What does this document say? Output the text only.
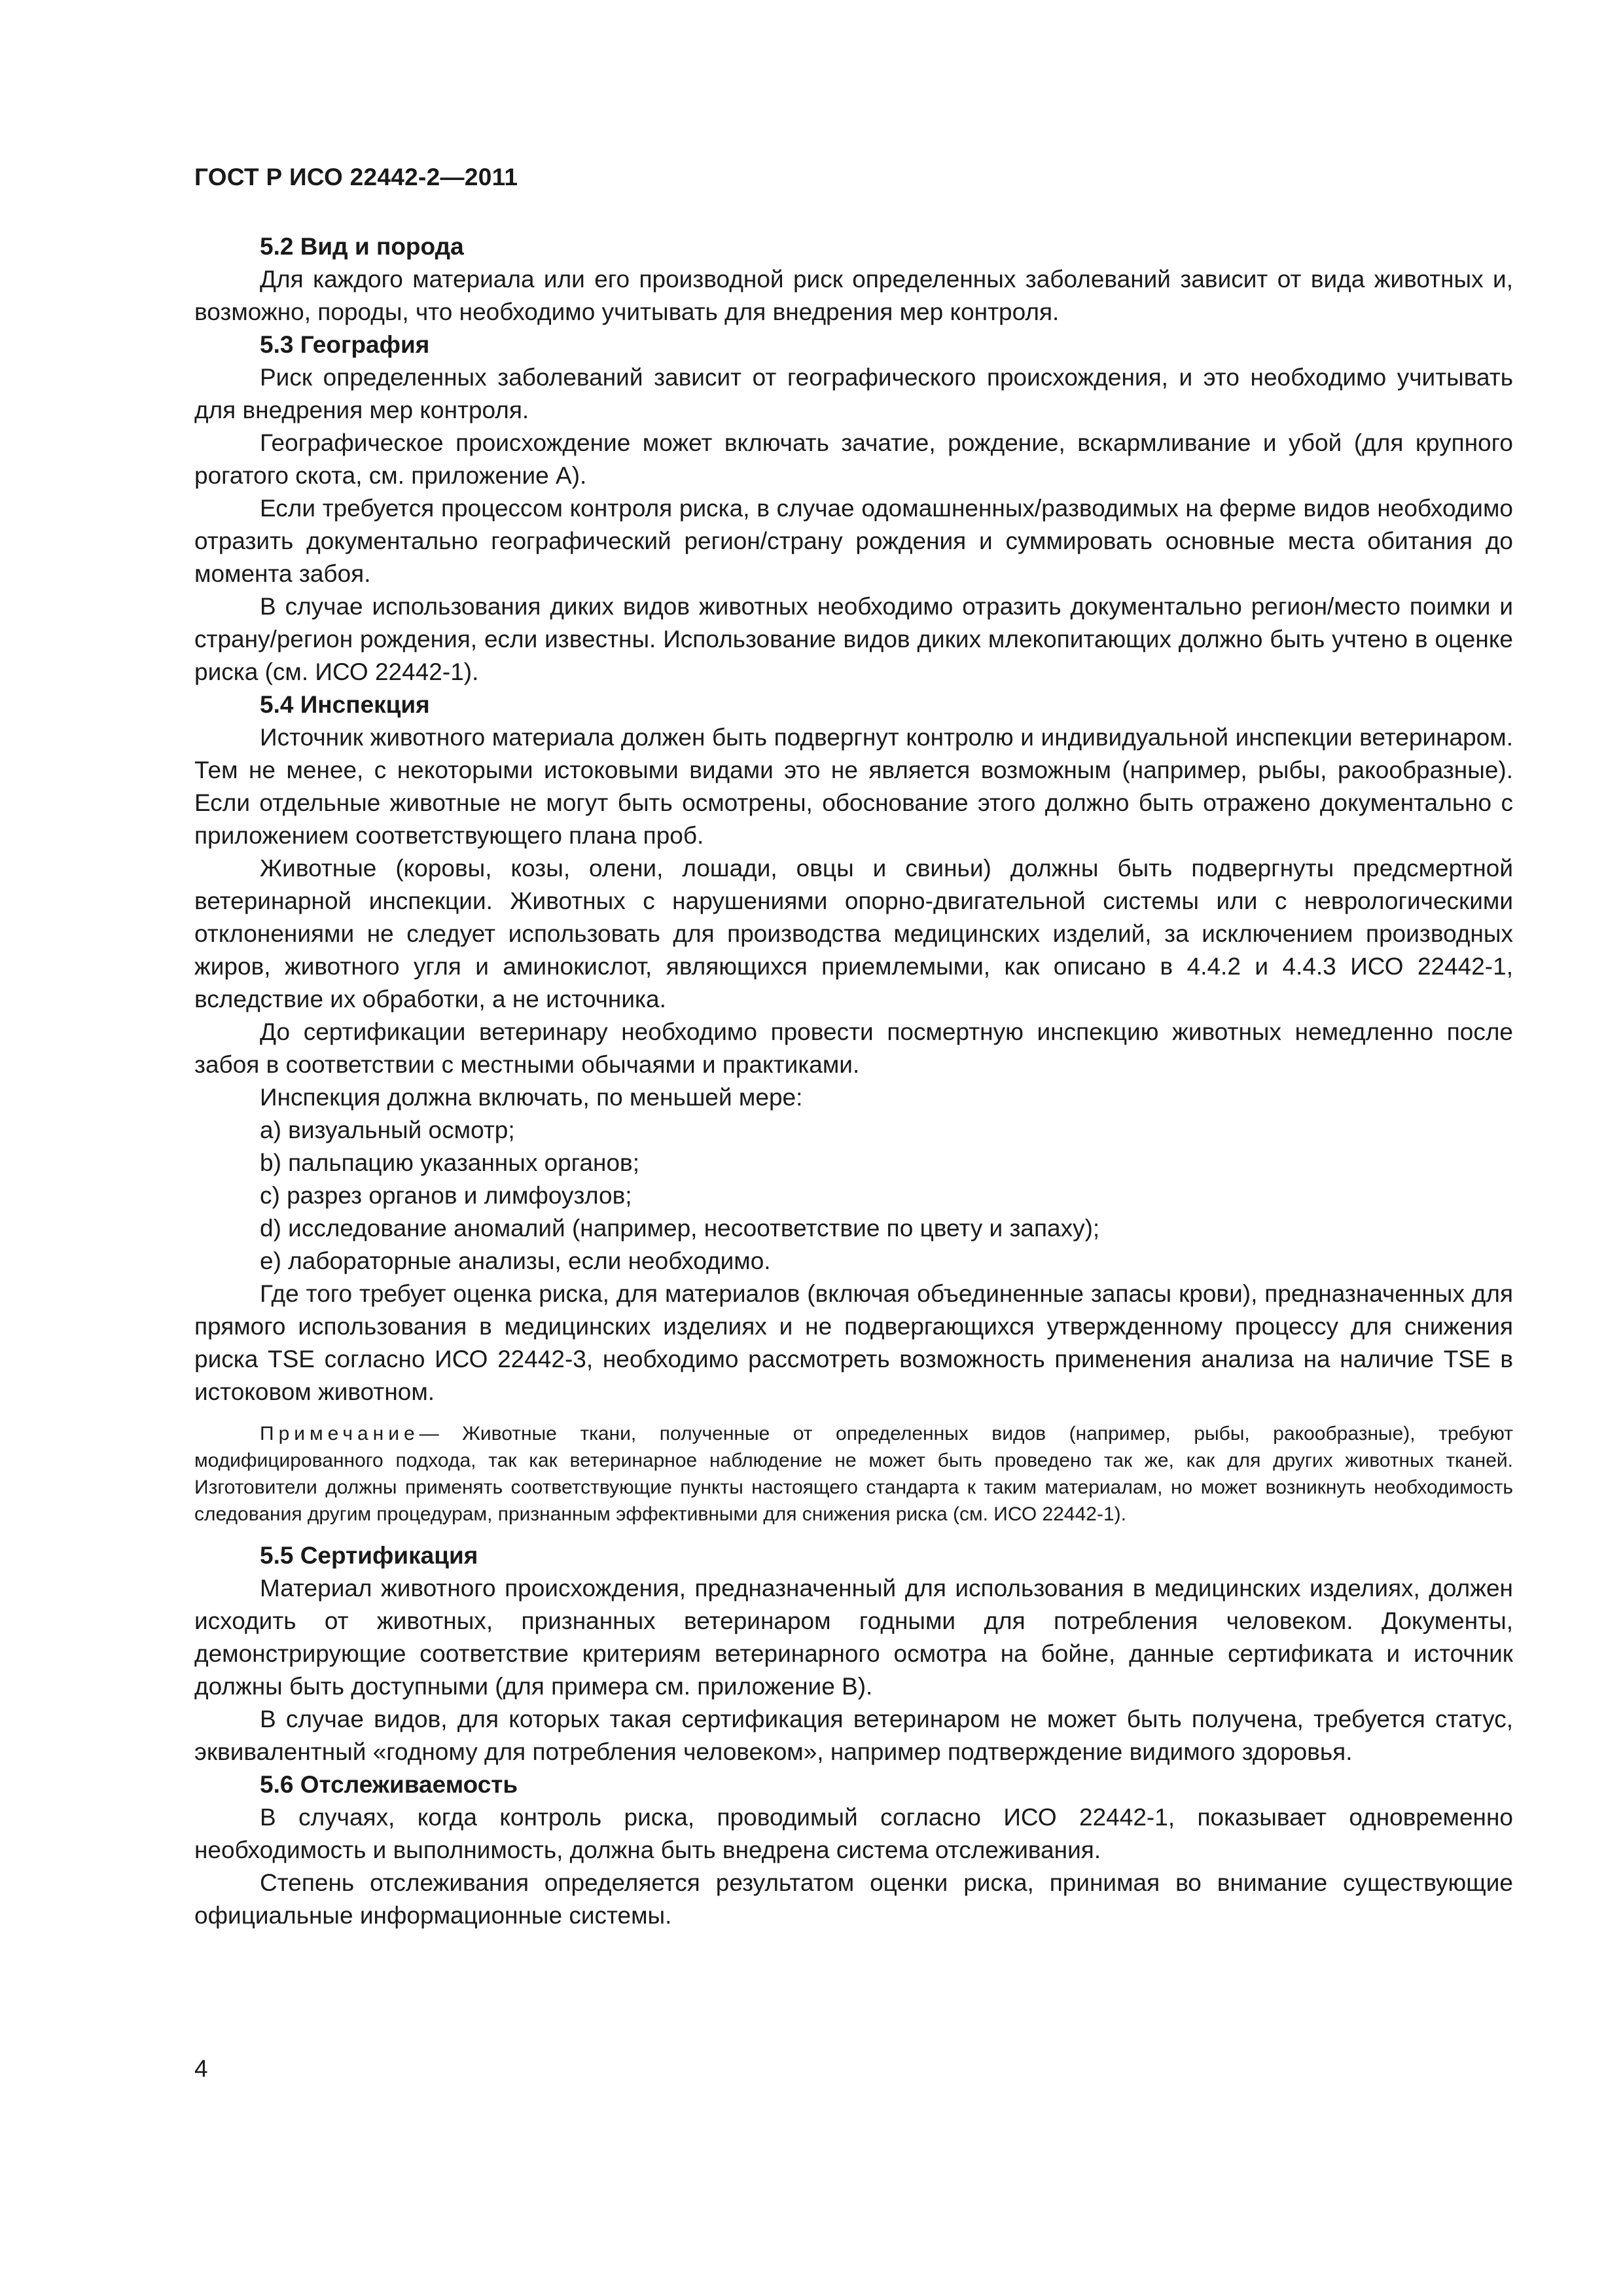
ГОСТ Р ИСО 22442-2—2011
5.2 Вид и порода

Для каждого материала или его производной риск определенных заболеваний зависит от вида животных и, возможно, породы, что необходимо учитывать для внедрения мер контроля.

5.3 География

Риск определенных заболеваний зависит от географического происхождения, и это необходимо учитывать для внедрения мер контроля.

Географическое происхождение может включать зачатие, рождение, вскармливание и убой (для крупного рогатого скота, см. приложение А).

Если требуется процессом контроля риска, в случае одомашненных/разводимых на ферме видов необходимо отразить документально географический регион/страну рождения и суммировать основные места обитания до момента забоя.

В случае использования диких видов животных необходимо отразить документально регион/место поимки и страну/регион рождения, если известны. Использование видов диких млекопитающих должно быть учтено в оценке риска (см. ИСО 22442-1).

5.4 Инспекция

Источник животного материала должен быть подвергнут контролю и индивидуальной инспекции ветеринаром. Тем не менее, с некоторыми истоковыми видами это не является возможным (например, рыбы, ракообразные). Если отдельные животные не могут быть осмотрены, обоснование этого должно быть отражено документально с приложением соответствующего плана проб.

Животные (коровы, козы, олени, лошади, овцы и свиньи) должны быть подвергнуты предсмертной ветеринарной инспекции. Животных с нарушениями опорно-двигательной системы или с неврологическими отклонениями не следует использовать для производства медицинских изделий, за исключением производных жиров, животного угля и аминокислот, являющихся приемлемыми, как описано в 4.4.2 и 4.4.3 ИСО 22442-1, вследствие их обработки, а не источника.

До сертификации ветеринару необходимо провести посмертную инспекцию животных немедленно после забоя в соответствии с местными обычаями и практиками.

Инспекция должна включать, по меньшей мере:

a) визуальный осмотр;

b) пальпацию указанных органов;

c) разрез органов и лимфоузлов;

d) исследование аномалий (например, несоответствие по цвету и запаху);

e) лабораторные анализы, если необходимо.

Где того требует оценка риска, для материалов (включая объединенные запасы крови), предназначенных для прямого использования в медицинских изделиях и не подвергающихся утвержденному процессу для снижения риска TSE согласно ИСО 22442-3, необходимо рассмотреть возможность применения анализа на наличие TSE в истоковом животном.

Примечание— Животные ткани, полученные от определенных видов (например, рыбы, ракообразные), требуют модифицированного подхода, так как ветеринарное наблюдение не может быть проведено так же, как для других животных тканей. Изготовители должны применять соответствующие пункты настоящего стандарта к таким материалам, но может возникнуть необходимость следования другим процедурам, признанным эффективными для снижения риска (см. ИСО 22442-1).

5.5 Сертификация

Материал животного происхождения, предназначенный для использования в медицинских изделиях, должен исходить от животных, признанных ветеринаром годными для потребления человеком. Документы, демонстрирующие соответствие критериям ветеринарного осмотра на бойне, данные сертификата и источник должны быть доступными (для примера см. приложение В).

В случае видов, для которых такая сертификация ветеринаром не может быть получена, требуется статус, эквивалентный «годному для потребления человеком», например подтверждение видимого здоровья.

5.6 Отслеживаемость

В случаях, когда контроль риска, проводимый согласно ИСО 22442-1, показывает одновременно необходимость и выполнимость, должна быть внедрена система отслеживания.

Степень отслеживания определяется результатом оценки риска, принимая во внимание существующие официальные информационные системы.

4
